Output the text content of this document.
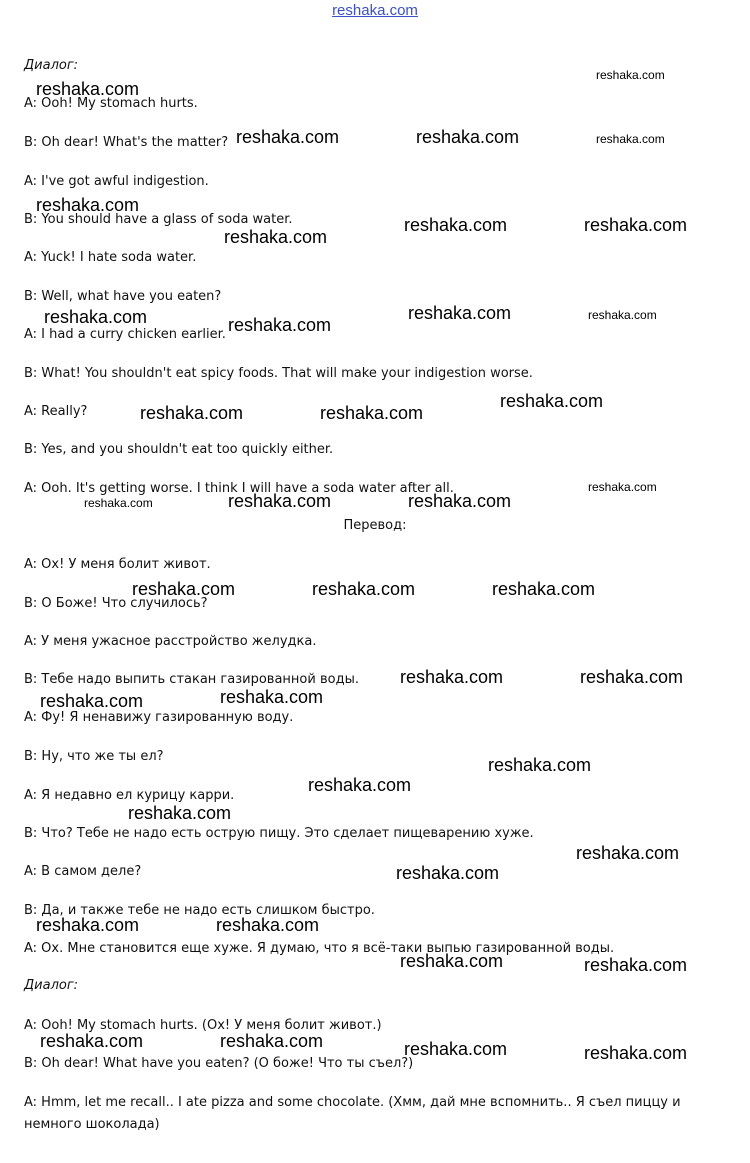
reshaka.com
Диалог:
A: Ooh! My stomach hurts.
B: Oh dear! What's the matter?
A: I've got awful indigestion.
B: You should have a glass of soda water.
A: Yuck! I hate soda water.
B: Well, what have you eaten?
A: I had a curry chicken earlier.
B: What! You shouldn't eat spicy foods. That will make your indigestion worse.
A: Really?
B: Yes, and you shouldn't eat too quickly either.
A: Ooh. It's getting worse. I think I will have a soda water after all.
Перевод:
A: Ох! У меня болит живот.
B: О Боже! Что случилось?
A: У меня ужасное расстройство желудка.
B: Тебе надо выпить стакан газированной воды.
A: Фу! Я ненавижу газированную воду.
B: Ну, что же ты ел?
A: Я недавно ел курицу карри.
B: Что? Тебе не надо есть острую пищу. Это сделает пищеварению хуже.
A: В самом деле?
B: Да, и также тебе не надо есть слишком быстро.
A: Ох. Мне становится еще хуже. Я думаю, что я всё-таки выпью газированной воды.
Диалог:
A: Ooh! My stomach hurts. (Ох! У меня болит живот.)
B: Oh dear! What have you eaten? (О боже! Что ты съел?)
A: Hmm, let me recall.. I ate pizza and some chocolate. (Хмм, дай мне вспомнить.. Я съел пиццу и немного шоколада)
reshaka.com
reshaka.com
reshaka.com	reshaka.com	reshaka.com
reshaka.com
reshaka.com	reshaka.com
reshaka.com
reshaka.com	reshaka.com	reshaka.com
reshaka.com
reshaka.com
reshaka.com	reshaka.com
reshaka.com
reshaka.com	reshaka.com	reshaka.com
reshaka.com	reshaka.com	reshaka.com
reshaka.com	reshaka.com
reshaka.com
reshaka.com
reshaka.com
reshaka.com
reshaka.com
reshaka.com
reshaka.com
reshaka.com	reshaka.com
reshaka.com	reshaka.com
reshaka.com	reshaka.com	reshaka.com	reshaka.com
